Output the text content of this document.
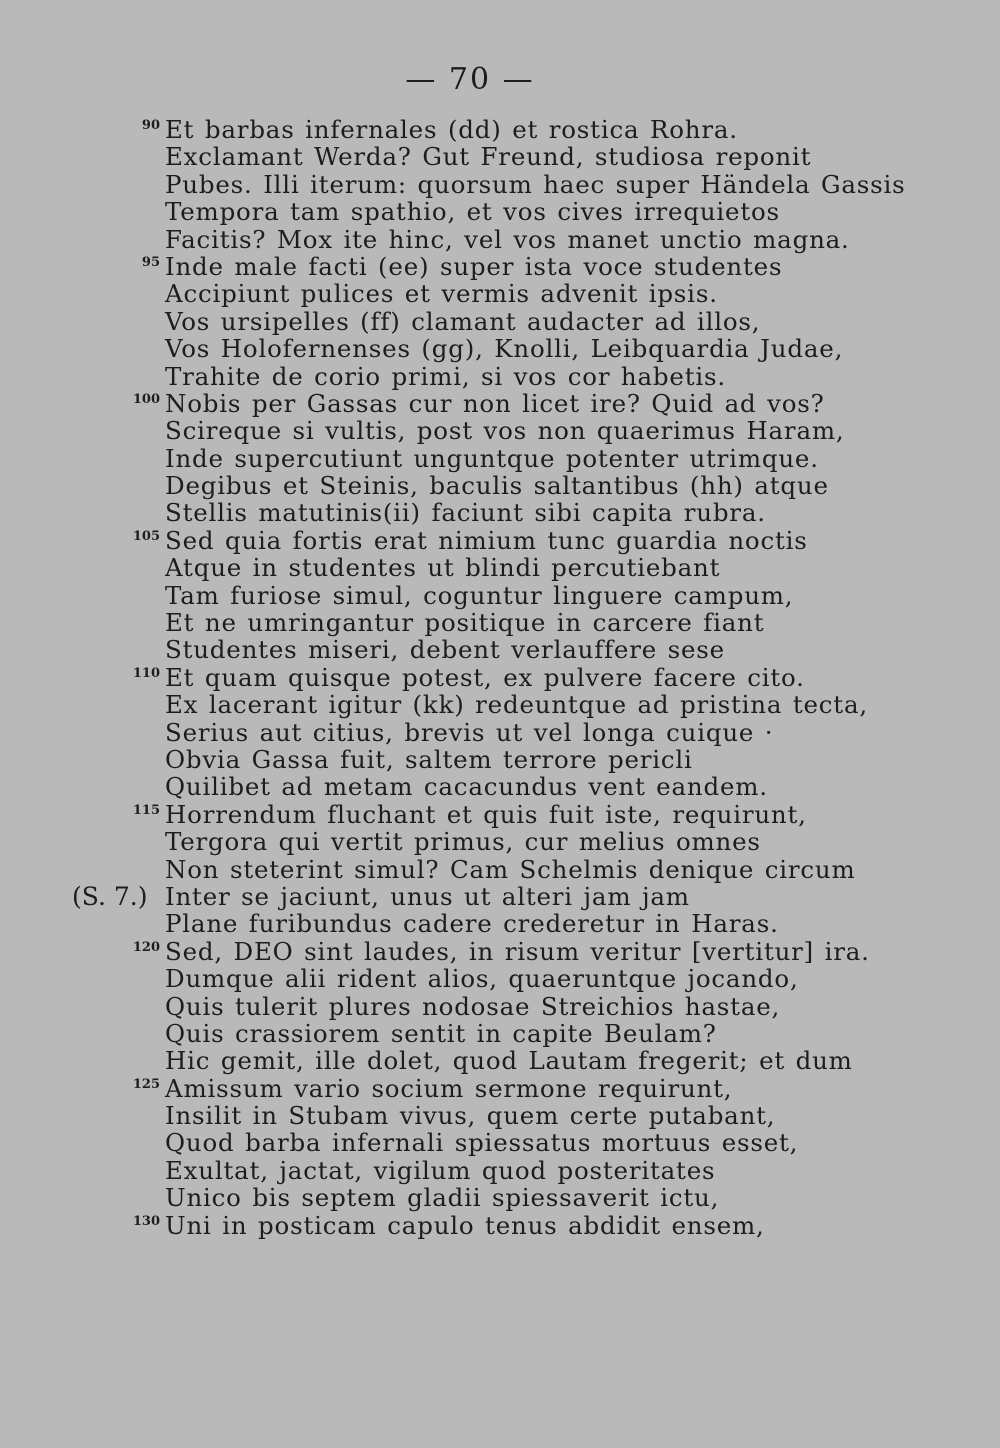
— 70 —
90 Et barbas infernales (dd) et rostica Rohra.
Exclamant Werda? Gut Freund, studiosa reponit
Pubes. Illi iterum: quorsum haec super Händela Gassis
Tempora tam spathio, et vos cives irrequietos
Facitis? Mox ite hinc, vel vos manet unctio magna.
95 Inde male facti (ee) super ista voce studentes
Accipiunt pulices et vermis advenit ipsis.
Vos ursipelles (ff) clamant audacter ad illos,
Vos Holofernenses (gg), Knolli, Leibquardia Judae,
Trahite de corio primi, si vos cor habetis.
100 Nobis per Gassas cur non licet ire? Quid ad vos?
Scireque si vultis, post vos non quaerimus Haram,
Inde supercutiunt unguntque potenter utrimque.
Degibus et Steinis, baculis saltantibus (hh) atque
Stellis matutinis(ii) faciunt sibi capita rubra.
105 Sed quia fortis erat nimium tunc guardia noctis
Atque in studentes ut blindi percutiebant
Tam furiose simul, coguntur linguere campum,
Et ne umringantur positique in carcere fiant
Studentes miseri, debent verlauffere sese
110 Et quam quisque potest, ex pulvere facere cito.
Ex lacerant igitur (kk) redeuntque ad pristina tecta,
Serius aut citius, brevis ut vel longa cuique ·
Obvia Gassa fuit, saltem terrore pericli
Quilibet ad metam cacacundus vent eandem.
115 Horrendum fluchant et quis fuit iste, requirunt,
Tergora qui vertit primus, cur melius omnes
Non steterint simul? Cam Schelmis denique circum
(S. 7.) Inter se jaciunt, unus ut alteri jam jam
Plane furibundus cadere crederetur in Haras.
120 Sed, DEO sint laudes, in risum veritur [vertitur] ira.
Dumque alii rident alios, quaeruntque jocando,
Quis tulerit plures nodosae Streichios hastae,
Quis crassiorem sentit in capite Beulam?
Hic gemit, ille dolet, quod Lautam fregerit; et dum
125 Amissum vario socium sermone requirunt,
Insilit in Stubam vivus, quem certe putabant,
Quod barba infernali spiessatus mortuus esset,
Exultat, jactat, vigilum quod posteritates
Unico bis septem gladii spiessaverit ictu,
130 Uni in posticam capulo tenus abdidit ensem,
